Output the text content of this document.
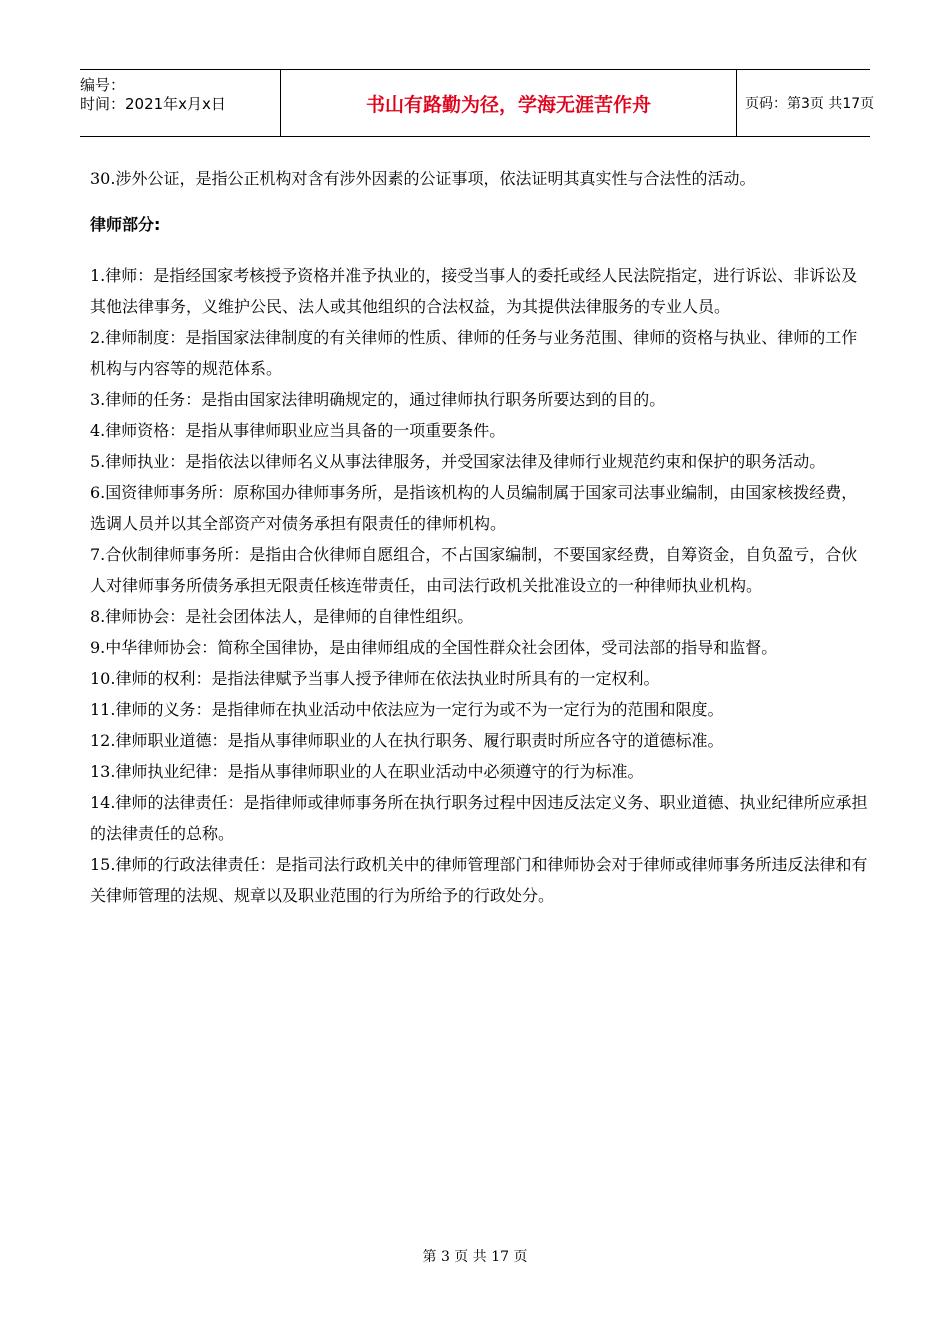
编号：
时间：2021年x月x日	书山有路勤为径，学海无涯苦作舟	页码：第3页 共17页

30.涉外公证，是指公正机构对含有涉外因素的公证事项，依法证明其真实性与合法性的活动。

律师部分:

1.律师：是指经国家考核授予资格并准予执业的，接受当事人的委托或经人民法院指定，进行诉讼、非诉讼及其他法律事务，义维护公民、法人或其他组织的合法权益，为其提供法律服务的专业人员。

2.律师制度：是指国家法律制度的有关律师的性质、律师的任务与业务范围、律师的资格与执业、律师的工作机构与内容等的规范体系。

3.律师的任务：是指由国家法律明确规定的，通过律师执行职务所要达到的目的。

4.律师资格：是指从事律师职业应当具备的一项重要条件。

5.律师执业：是指依法以律师名义从事法律服务，并受国家法律及律师行业规范约束和保护的职务活动。

6.国资律师事务所：原称国办律师事务所，是指该机构的人员编制属于国家司法事业编制，由国家核拨经费，选调人员并以其全部资产对债务承担有限责任的律师机构。

7.合伙制律师事务所：是指由合伙律师自愿组合，不占国家编制，不要国家经费，自筹资金，自负盈亏，合伙人对律师事务所债务承担无限责任核连带责任，由司法行政机关批准设立的一种律师执业机构。

8.律师协会：是社会团体法人，是律师的自律性组织。

9.中华律师协会：简称全国律协，是由律师组成的全国性群众社会团体，受司法部的指导和监督。

10.律师的权利：是指法律赋予当事人授予律师在依法执业时所具有的一定权利。

11.律师的义务：是指律师在执业活动中依法应为一定行为或不为一定行为的范围和限度。

12.律师职业道德：是指从事律师职业的人在执行职务、履行职责时所应各守的道德标准。

13.律师执业纪律：是指从事律师职业的人在职业活动中必须遵守的行为标准。

14.律师的法律责任：是指律师或律师事务所在执行职务过程中因违反法定义务、职业道德、执业纪律所应承担的法律责任的总称。

15.律师的行政法律责任：是指司法行政机关中的律师管理部门和律师协会对于律师或律师事务所违反法律和有关律师管理的法规、规章以及职业范围的行为所给予的行政处分。

第 3 页 共 17 页
